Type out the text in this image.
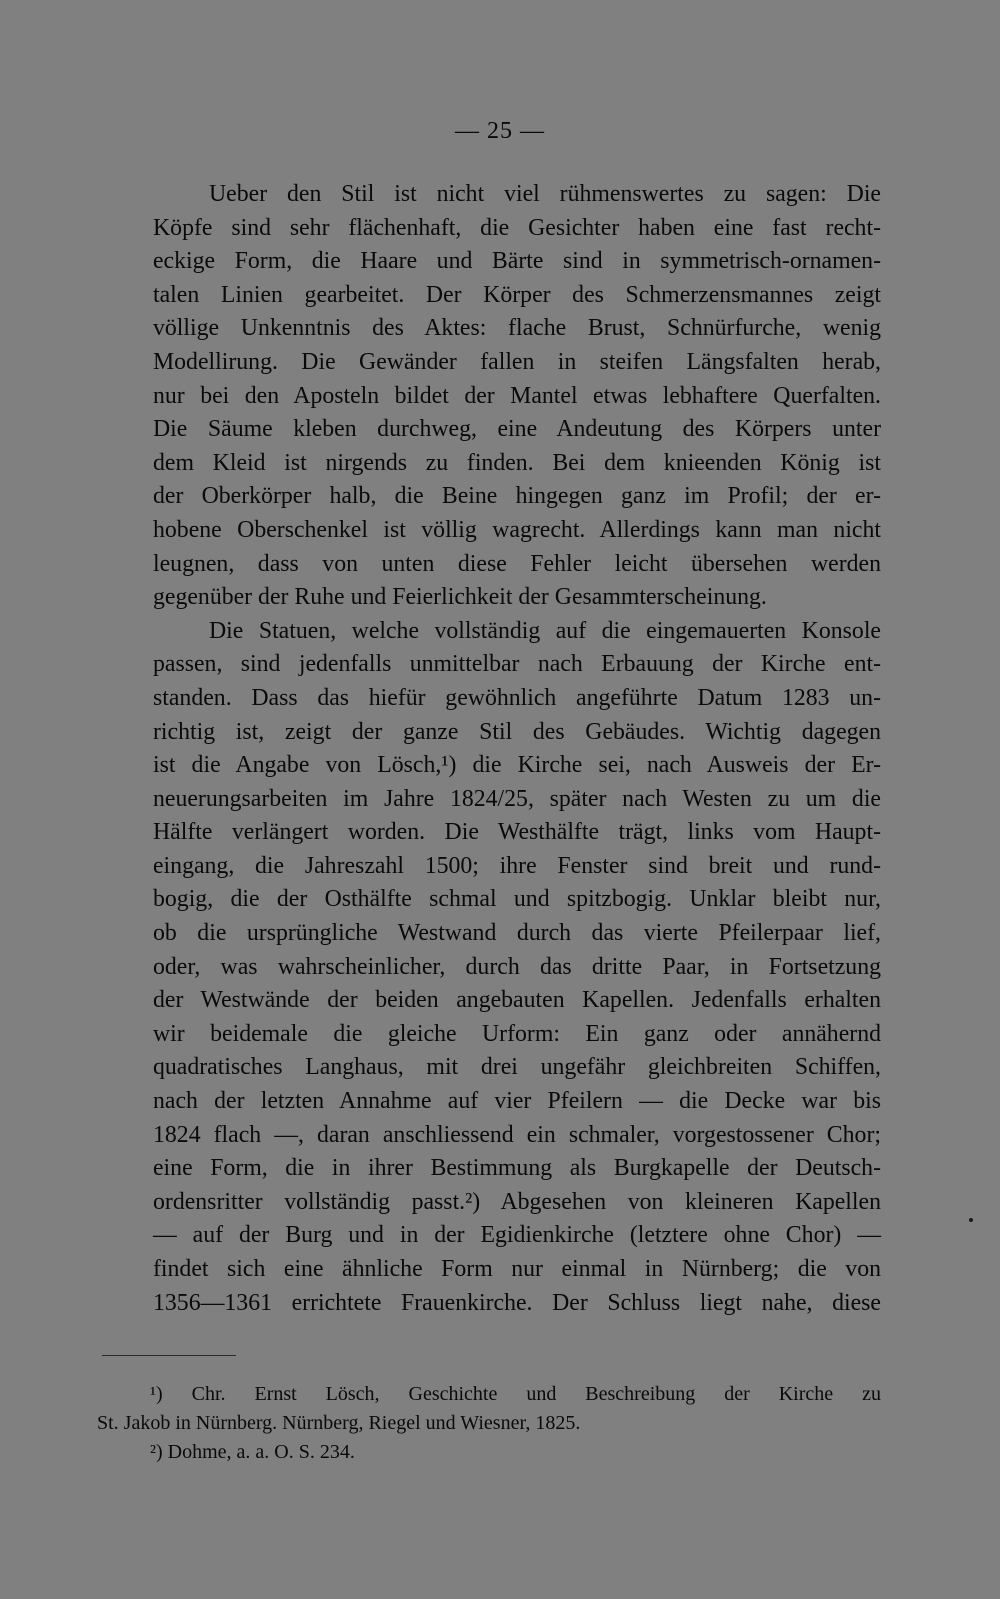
— 25 —
Ueber den Stil ist nicht viel rühmenswertes zu sagen: Die
Köpfe sind sehr flächenhaft, die Gesichter haben eine fast recht-
eckige Form, die Haare und Bärte sind in symmetrisch-ornamen-
talen Linien gearbeitet. Der Körper des Schmerzensmannes zeigt
völlige Unkenntnis des Aktes: flache Brust, Schnürfurche, wenig
Modellirung. Die Gewänder fallen in steifen Längsfalten herab,
nur bei den Aposteln bildet der Mantel etwas lebhaftere Querfalten.
Die Säume kleben durchweg, eine Andeutung des Körpers unter
dem Kleid ist nirgends zu finden. Bei dem knieenden König ist
der Oberkörper halb, die Beine hingegen ganz im Profil; der er-
hobene Oberschenkel ist völlig wagrecht. Allerdings kann man nicht
leugnen, dass von unten diese Fehler leicht übersehen werden
gegenüber der Ruhe und Feierlichkeit der Gesammterscheinung.
Die Statuen, welche vollständig auf die eingemauerten Konsole
passen, sind jedenfalls unmittelbar nach Erbauung der Kirche ent-
standen. Dass das hiefür gewöhnlich angeführte Datum 1283 un-
richtig ist, zeigt der ganze Stil des Gebäudes. Wichtig dagegen
ist die Angabe von Lösch,¹) die Kirche sei, nach Ausweis der Er-
neuerungsarbeiten im Jahre 1824/25, später nach Westen zu um die
Hälfte verlängert worden. Die Westhälfte trägt, links vom Haupt-
eingang, die Jahreszahl 1500; ihre Fenster sind breit und rund-
bogig, die der Osthälfte schmal und spitzbogig. Unklar bleibt nur,
ob die ursprüngliche Westwand durch das vierte Pfeilerpaar lief,
oder, was wahrscheinlicher, durch das dritte Paar, in Fortsetzung
der Westwände der beiden angebauten Kapellen. Jedenfalls erhalten
wir beidemale die gleiche Urform: Ein ganz oder annähernd
quadratisches Langhaus, mit drei ungefähr gleichbreiten Schiffen,
nach der letzten Annahme auf vier Pfeilern — die Decke war bis
1824 flach —, daran anschliessend ein schmaler, vorgestossener Chor;
eine Form, die in ihrer Bestimmung als Burgkapelle der Deutsch-
ordensritter vollständig passt.²) Abgesehen von kleineren Kapellen
— auf der Burg und in der Egidienkirche (letztere ohne Chor) —
findet sich eine ähnliche Form nur einmal in Nürnberg; die von
1356—1361 errichtete Frauenkirche. Der Schluss liegt nahe, diese
¹) Chr. Ernst Lösch, Geschichte und Beschreibung der Kirche zu
St. Jakob in Nürnberg. Nürnberg, Riegel und Wiesner, 1825.
²) Dohme, a. a. O. S. 234.
